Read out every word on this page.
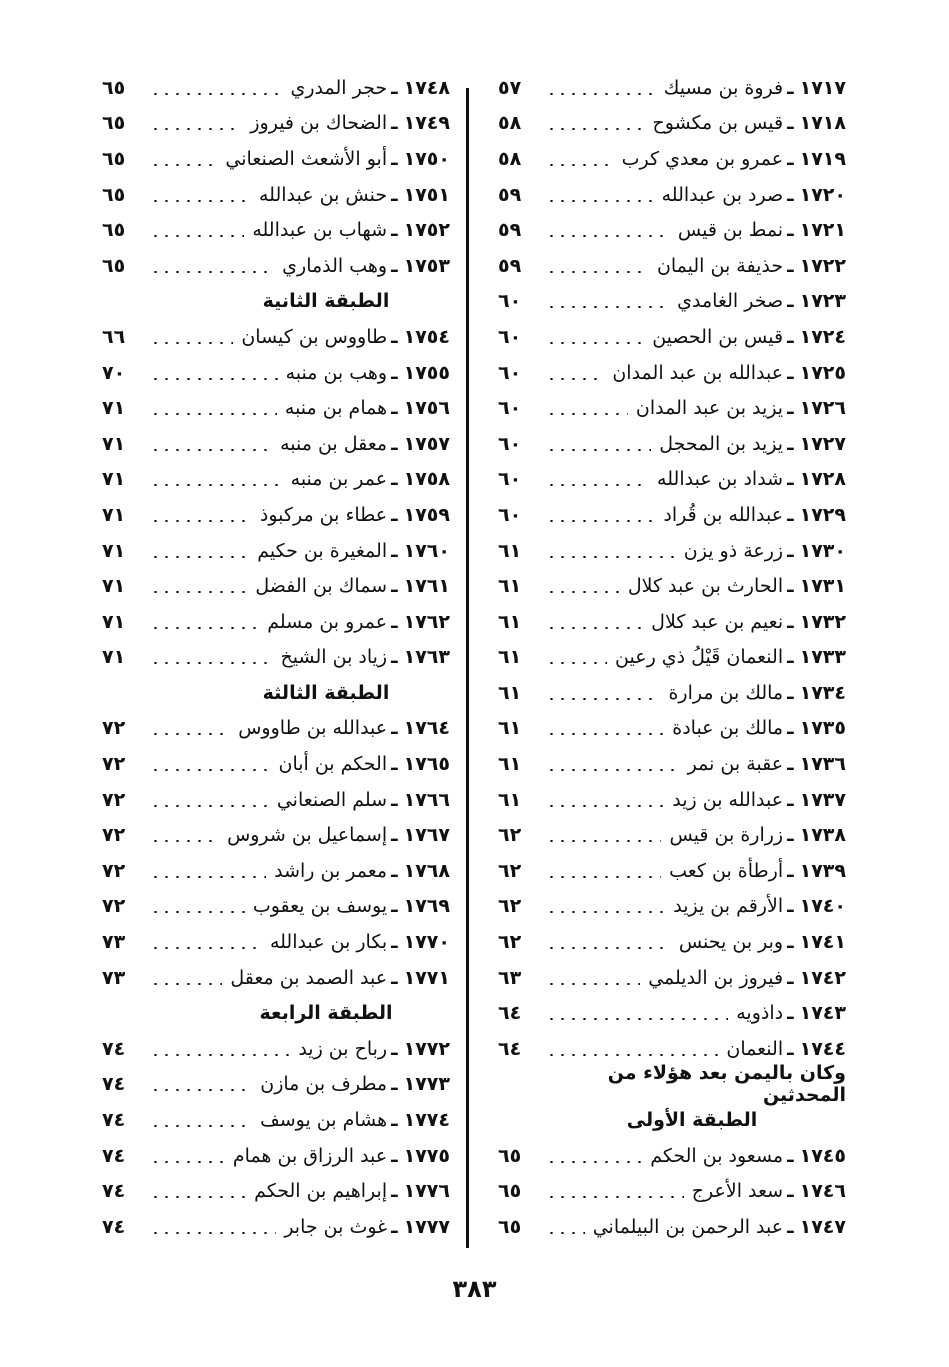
١٧١٧
ـ
فروة بن مسيك
٥٧
١٧١٨
ـ
قيس بن مكشوح
٥٨
١٧١٩
ـ
عمرو بن معدي كرب
٥٨
١٧٢٠
ـ
صرد بن عبدالله
٥٩
١٧٢١
ـ
نمط بن قيس
٥٩
١٧٢٢
ـ
حذيفة بن اليمان
٥٩
١٧٢٣
ـ
صخر الغامدي
٦٠
١٧٢٤
ـ
قيس بن الحصين
٦٠
١٧٢٥
ـ
عبدالله بن عبد المدان
٦٠
١٧٢٦
ـ
يزيد بن عبد المدان
٦٠
١٧٢٧
ـ
يزيد بن المحجل
٦٠
١٧٢٨
ـ
شداد بن عبدالله
٦٠
١٧٢٩
ـ
عبدالله بن قُراد
٦٠
١٧٣٠
ـ
زرعة ذو يزن
٦١
١٧٣١
ـ
الحارث بن عبد كلال
٦١
١٧٣٢
ـ
نعيم بن عبد كلال
٦١
١٧٣٣
ـ
النعمان قَيْلُ ذي رعين
٦١
١٧٣٤
ـ
مالك بن مرارة
٦١
١٧٣٥
ـ
مالك بن عبادة
٦١
١٧٣٦
ـ
عقبة بن نمر
٦١
١٧٣٧
ـ
عبدالله بن زيد
٦١
١٧٣٨
ـ
زرارة بن قيس
٦٢
١٧٣٩
ـ
أرطأة بن كعب
٦٢
١٧٤٠
ـ
الأرقم بن يزيد
٦٢
١٧٤١
ـ
وبر بن يحنس
٦٢
١٧٤٢
ـ
فيروز بن الديلمي
٦٣
١٧٤٣
ـ
داذويه
٦٤
١٧٤٤
ـ
النعمان
٦٤
وكان باليمن بعد هؤلاء من المحدثين
الطبقة الأولى
١٧٤٥
ـ
مسعود بن الحكم
٦٥
١٧٤٦
ـ
سعد الأعرج
٦٥
١٧٤٧
ـ
عبد الرحمن بن البيلماني
٦٥
١٧٤٨
ـ
حجر المدري
٦٥
١٧٤٩
ـ
الضحاك بن فيروز
٦٥
١٧٥٠
ـ
أبو الأشعث الصنعاني
٦٥
١٧٥١
ـ
حنش بن عبدالله
٦٥
١٧٥٢
ـ
شهاب بن عبدالله
٦٥
١٧٥٣
ـ
وهب الذماري
٦٥
الطبقة الثانية
١٧٥٤
ـ
طاووس بن كيسان
٦٦
١٧٥٥
ـ
وهب بن منبه
٧٠
١٧٥٦
ـ
همام بن منبه
٧١
١٧٥٧
ـ
معقل بن منبه
٧١
١٧٥٨
ـ
عمر بن منبه
٧١
١٧٥٩
ـ
عطاء بن مركبوذ
٧١
١٧٦٠
ـ
المغيرة بن حكيم
٧١
١٧٦١
ـ
سماك بن الفضل
٧١
١٧٦٢
ـ
عمرو بن مسلم
٧١
١٧٦٣
ـ
زياد بن الشيخ
٧١
الطبقة الثالثة
١٧٦٤
ـ
عبدالله بن طاووس
٧٢
١٧٦٥
ـ
الحكم بن أبان
٧٢
١٧٦٦
ـ
سلم الصنعاني
٧٢
١٧٦٧
ـ
إسماعيل بن شروس
٧٢
١٧٦٨
ـ
معمر بن راشد
٧٢
١٧٦٩
ـ
يوسف بن يعقوب
٧٢
١٧٧٠
ـ
بكار بن عبدالله
٧٣
١٧٧١
ـ
عبد الصمد بن معقل
٧٣
الطبقة الرابعة
١٧٧٢
ـ
رباح بن زيد
٧٤
١٧٧٣
ـ
مطرف بن مازن
٧٤
١٧٧٤
ـ
هشام بن يوسف
٧٤
١٧٧٥
ـ
عبد الرزاق بن همام
٧٤
١٧٧٦
ـ
إبراهيم بن الحكم
٧٤
١٧٧٧
ـ
غوث بن جابر
٧٤
٣٨٣
